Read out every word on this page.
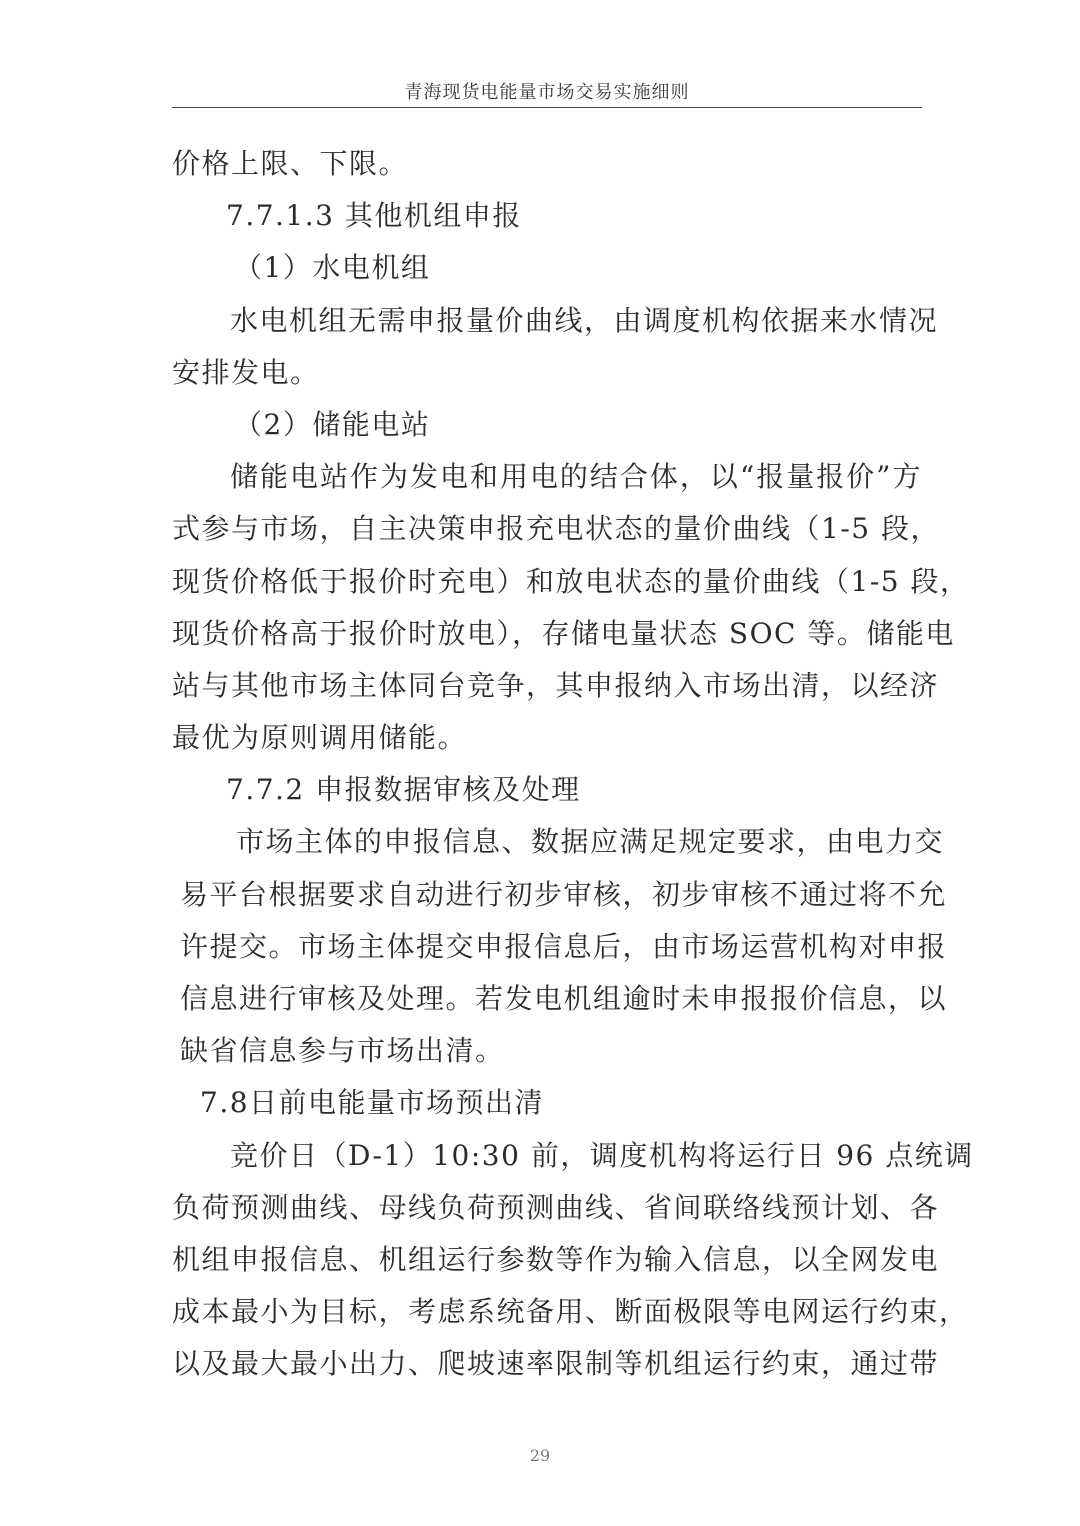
青海现货电能量市场交易实施细则
价格上限、下限。
7.7.1.3 其他机组申报
（1）水电机组
水电机组无需申报量价曲线，由调度机构依据来水情况
安排发电。
（2）储能电站
储能电站作为发电和用电的结合体，以“报量报价”方
式参与市场，自主决策申报充电状态的量价曲线（1-5 段，
现货价格低于报价时充电）和放电状态的量价曲线（1-5 段，
现货价格高于报价时放电），存储电量状态 SOC 等。储能电
站与其他市场主体同台竞争，其申报纳入市场出清，以经济
最优为原则调用储能。
7.7.2 申报数据审核及处理
市场主体的申报信息、数据应满足规定要求，由电力交
易平台根据要求自动进行初步审核，初步审核不通过将不允
许提交。市场主体提交申报信息后，由市场运营机构对申报
信息进行审核及处理。若发电机组逾时未申报报价信息，以
缺省信息参与市场出清。
7.8日前电能量市场预出清
竞价日（D-1）10:30 前，调度机构将运行日 96 点统调
负荷预测曲线、母线负荷预测曲线、省间联络线预计划、各
机组申报信息、机组运行参数等作为输入信息，以全网发电
成本最小为目标，考虑系统备用、断面极限等电网运行约束，
以及最大最小出力、爬坡速率限制等机组运行约束，通过带
29
